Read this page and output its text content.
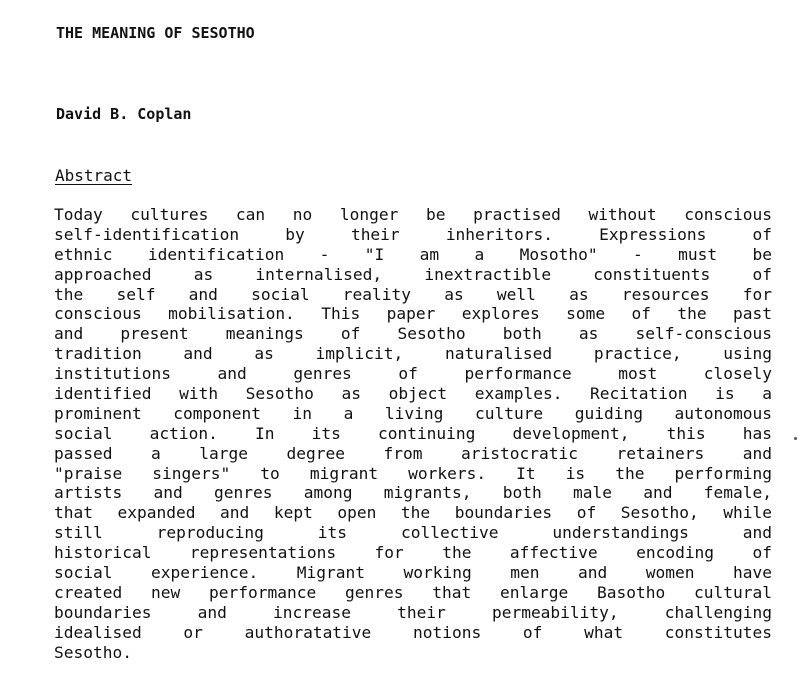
THE MEANING OF SESOTHO
David B. Coplan
Abstract
Today cultures can no longer be practised without conscious
self-identification by their inheritors. Expressions of
ethnic identification - "I am a Mosotho" - must be
approached as internalised, inextractible constituents of
the self and social reality as well as resources for
conscious mobilisation. This paper explores some of the past
and present meanings of Sesotho both as self-conscious
tradition and as implicit, naturalised practice, using
institutions and genres of performance most closely
identified with Sesotho as object examples. Recitation is a
prominent component in a living culture guiding autonomous
social action. In its continuing development, this has
passed a large degree from aristocratic retainers and
"praise singers" to migrant workers. It is the performing
artists and genres among migrants, both male and female,
that expanded and kept open the boundaries of Sesotho, while
still reproducing its collective understandings and
historical representations for the affective encoding of
social experience. Migrant working men and women have
created new performance genres that enlarge Basotho cultural
boundaries and increase their permeability, challenging
idealised or authoratative notions of what constitutes
Sesotho.
